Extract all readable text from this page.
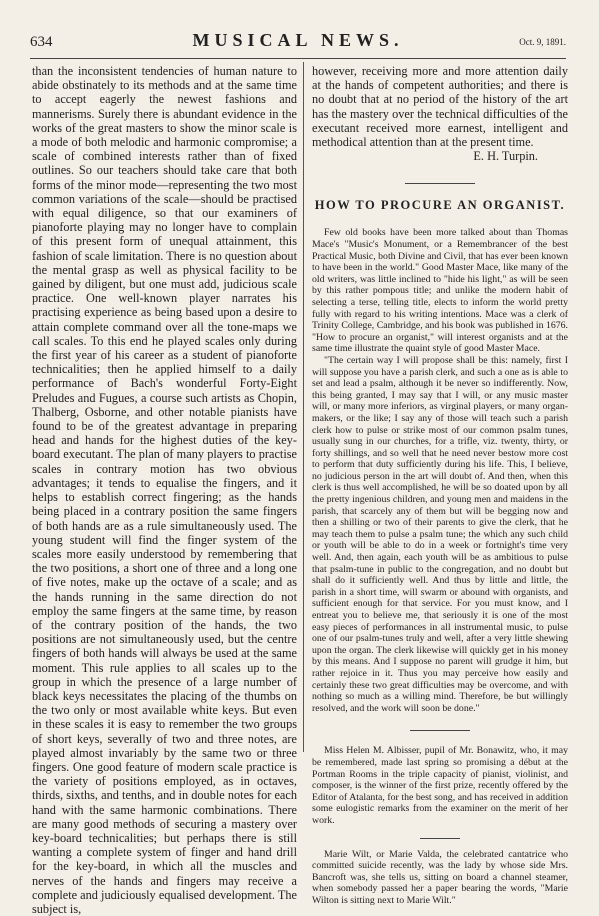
634	MUSICAL NEWS.	Oct. 9, 1891.

than the inconsistent tendencies of human nature to abide obstinately to its methods and at the same time to accept eagerly the newest fashions and mannerisms. Surely there is abundant evidence in the works of the great masters to show the minor scale is a mode of both melodic and harmonic compromise; a scale of combined interests rather than of fixed outlines. So our teachers should take care that both forms of the minor mode—representing the two most common variations of the scale—should be practised with equal diligence, so that our examiners of pianoforte playing may no longer have to complain of this present form of unequal attainment, this fashion of scale limitation. There is no question about the mental grasp as well as physical facility to be gained by diligent, but one must add, judicious scale practice. One well-known player narrates his practising experience as being based upon a desire to attain complete command over all the tone-maps we call scales. To this end he played scales only during the first year of his career as a student of pianoforte technicalities; then he applied himself to a daily performance of Bach's wonderful Forty-Eight Preludes and Fugues, a course such artists as Chopin, Thalberg, Osborne, and other notable pianists have found to be of the greatest advantage in preparing head and hands for the highest duties of the key-board executant. The plan of many players to practise scales in contrary motion has two obvious advantages; it tends to equalise the fingers, and it helps to establish correct fingering; as the hands being placed in a contrary position the same fingers of both hands are as a rule simultaneously used. The young student will find the finger system of the scales more easily understood by remembering that the two positions, a short one of three and a long one of five notes, make up the octave of a scale; and as the hands running in the same direction do not employ the same fingers at the same time, by reason of the contrary position of the hands, the two positions are not simultaneously used, but the centre fingers of both hands will always be used at the same moment. This rule applies to all scales up to the group in which the presence of a large number of black keys necessitates the placing of the thumbs on the two only or most available white keys. But even in these scales it is easy to remember the two groups of short keys, severally of two and three notes, are played almost invariably by the same two or three fingers. One good feature of modern scale practice is the variety of positions employed, as in octaves, thirds, sixths, and tenths, and in double notes for each hand with the same harmonic combinations. There are many good methods of securing a mastery over key-board technicalities; but perhaps there is still wanting a complete system of finger and hand drill for the key-board, in which all the muscles and nerves of the hands and fingers may receive a complete and judiciously equalised development. The subject is,

however, receiving more and more attention daily at the hands of competent authorities; and there is no doubt that at no period of the history of the art has the mastery over the technical difficulties of the executant received more earnest, intelligent and methodical attention than at the present time.

E. H. Turpin.

HOW TO PROCURE AN ORGANIST.

Few old books have been more talked about than Thomas Mace's "Music's Monument, or a Remembrancer of the best Practical Music, both Divine and Civil, that has ever been known to have been in the world." Good Master Mace, like many of the old writers, was little inclined to "hide his light," as will be seen by this rather pompous title; and unlike the modern habit of selecting a terse, telling title, elects to inform the world pretty fully with regard to his writing intentions. Mace was a clerk of Trinity College, Cambridge, and his book was published in 1676. "How to procure an organist," will interest organists and at the same time illustrate the quaint style of good Master Mace.

"The certain way I will propose shall be this: namely, first I will suppose you have a parish clerk, and such a one as is able to set and lead a psalm, although it be never so indifferently. Now, this being granted, I may say that I will, or any music master will, or many more inferiors, as virginal players, or many organ-makers, or the like; I say any of those will teach such a parish clerk how to pulse or strike most of our common psalm tunes, usually sung in our churches, for a trifle, viz. twenty, thirty, or forty shillings, and so well that he need never bestow more cost to perform that duty sufficiently during his life. This, I believe, no judicious person in the art will doubt of. And then, when this clerk is thus well accomplished, he will be so doated upon by all the pretty ingenious children, and young men and maidens in the parish, that scarcely any of them but will be begging now and then a shilling or two of their parents to give the clerk, that he may teach them to pulse a psalm tune; the which any such child or youth will be able to do in a week or fortnight's time very well. And, then again, each youth will be as ambitious to pulse that psalm-tune in public to the congregation, and no doubt but shall do it sufficiently well. And thus by little and little, the parish in a short time, will swarm or abound with organists, and sufficient enough for that service. For you must know, and I entreat you to believe me, that seriously it is one of the most easy pieces of performances in all instrumental music, to pulse one of our psalm-tunes truly and well, after a very little shewing upon the organ. The clerk likewise will quickly get in his money by this means. And I suppose no parent will grudge it him, but rather rejoice in it. Thus you may perceive how easily and certainly these two great difficulties may be overcome, and with nothing so much as a willing mind. Therefore, be but willingly resolved, and the work will soon be done."

Miss Helen M. Albisser, pupil of Mr. Bonawitz, who, it may be remembered, made last spring so promising a début at the Portman Rooms in the triple capacity of pianist, violinist, and composer, is the winner of the first prize, recently offered by the Editor of Atalanta, for the best song, and has received in addition some eulogistic remarks from the examiner on the merit of her work.

Marie Wilt, or Marie Valda, the celebrated cantatrice who committed suicide recently, was the lady by whose side Mrs. Bancroft was, she tells us, sitting on board a channel steamer, when somebody passed her a paper bearing the words, "Marie Wilton is sitting next to Marie Wilt."
